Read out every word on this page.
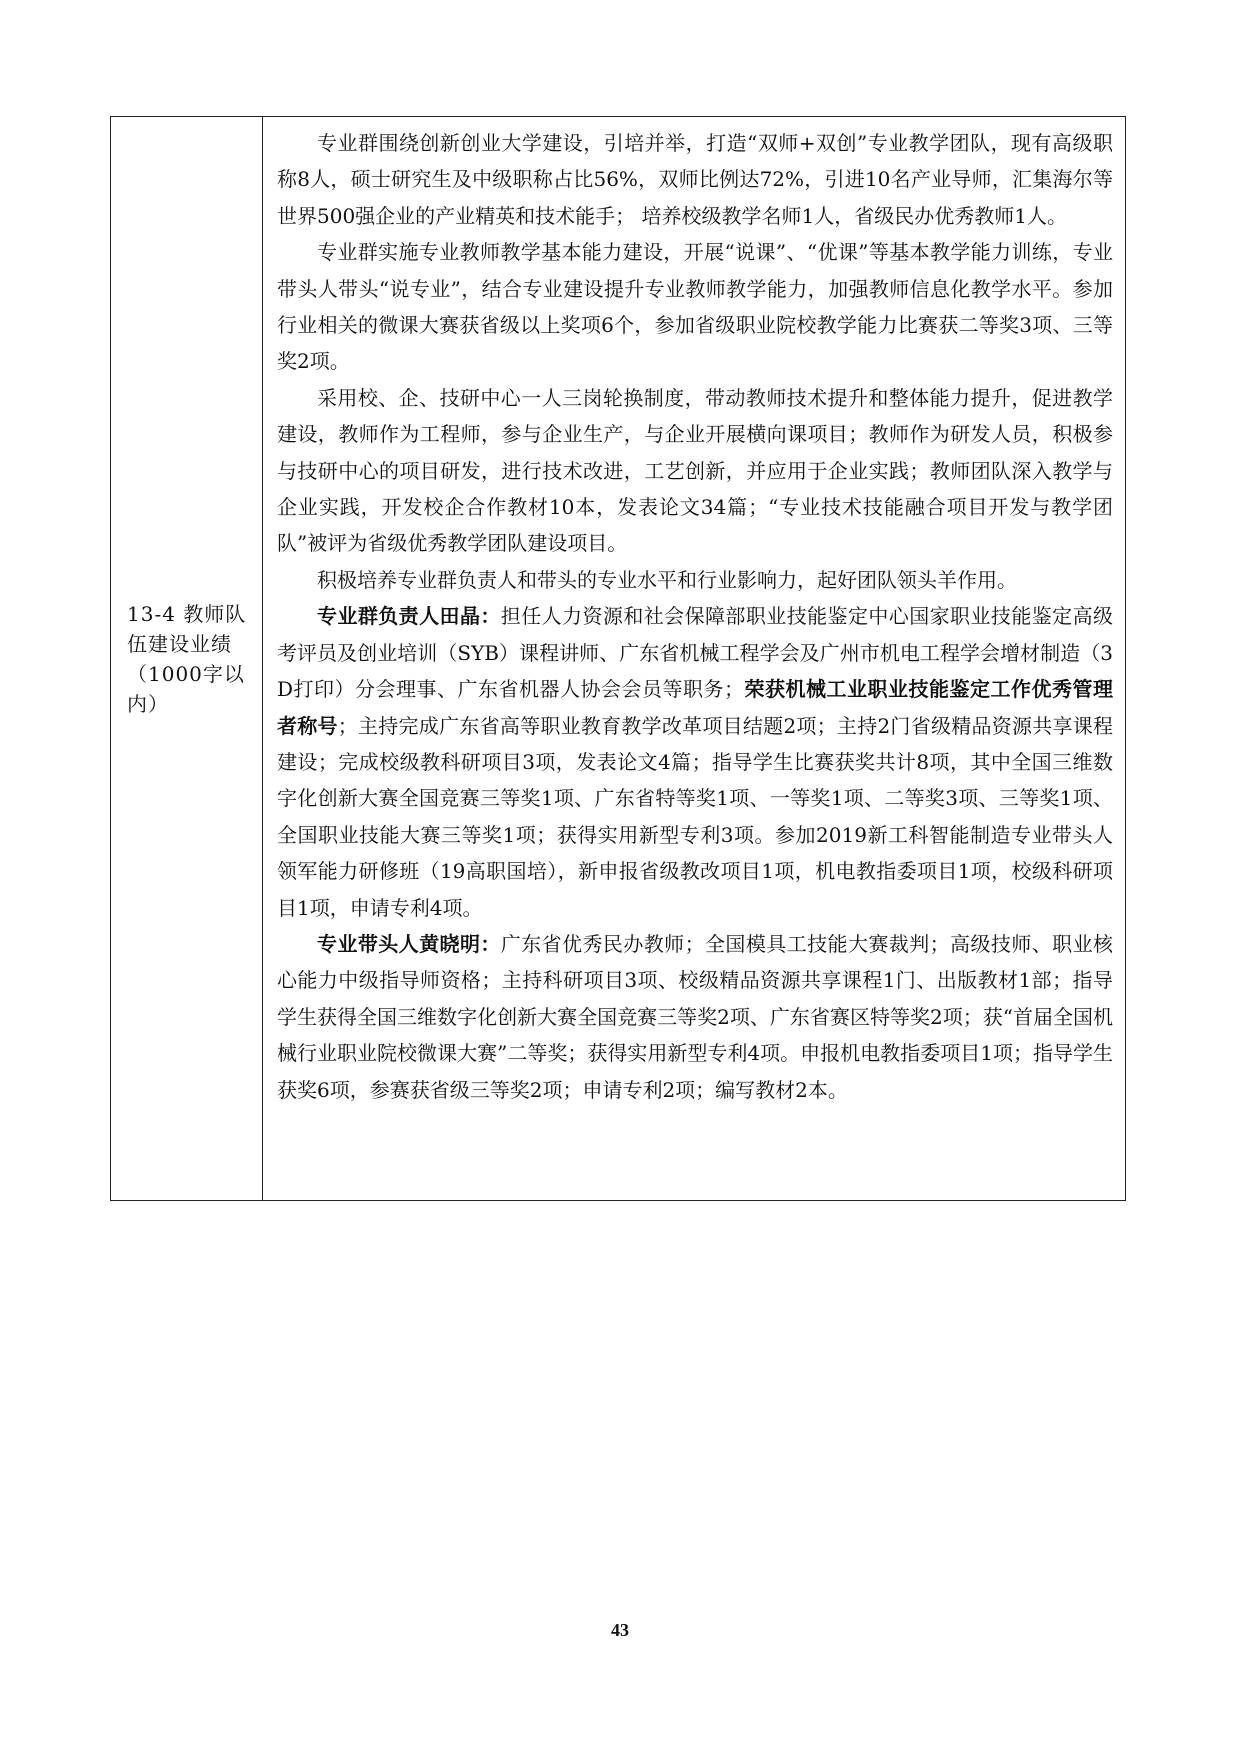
13-4 教师队伍建设业绩（1000字以内）

专业群围绕创新创业大学建设，引培并举，打造“双师+双创”专业教学团队，现有高级职称8人，硕士研究生及中级职称占比56%，双师比例达72%，引进10名产业导师，汇集海尔等世界500强企业的产业精英和技术能手； 培养校级教学名师1人，省级民办优秀教师1人。

专业群实施专业教师教学基本能力建设，开展“说课”、“优课”等基本教学能力训练，专业带头人带头“说专业”，结合专业建设提升专业教师教学能力，加强教师信息化教学水平。参加行业相关的微课大赛获省级以上奖项6个，参加省级职业院校教学能力比赛获二等奖3项、三等奖2项。

采用校、企、技研中心一人三岗轮换制度，带动教师技术提升和整体能力提升，促进教学建设，教师作为工程师，参与企业生产，与企业开展横向课项目；教师作为研发人员，积极参与技研中心的项目研发，进行技术改进，工艺创新，并应用于企业实践；教师团队深入教学与企业实践，开发校企合作教材10本，发表论文34篇；“专业技术技能融合项目开发与教学团队”被评为省级优秀教学团队建设项目。

积极培养专业群负责人和带头的专业水平和行业影响力，起好团队领头羊作用。

专业群负责人田晶：担任人力资源和社会保障部职业技能鉴定中心国家职业技能鉴定高级考评员及创业培训（SYB）课程讲师、广东省机械工程学会及广州市机电工程学会增材制造（3D打印）分会理事、广东省机器人协会会员等职务；荣获机械工业职业技能鉴定工作优秀管理者称号；主持完成广东省高等职业教育教学改革项目结题2项；主持2门省级精品资源共享课程建设；完成校级教科研项目3项，发表论文4篇；指导学生比赛获奖共计8项，其中全国三维数字化创新大赛全国竞赛三等奖1项、广东省特等奖1项、一等奖1项、二等奖3项、三等奖1项、全国职业技能大赛三等奖1项；获得实用新型专利3项。参加2019新工科智能制造专业带头人领军能力研修班（19高职国培），新申报省级教改项目1项，机电教指委项目1项，校级科研项目1项，申请专利4项。

专业带头人黄晓明：广东省优秀民办教师；全国模具工技能大赛裁判；高级技师、职业核心能力中级指导师资格；主持科研项目3项、校级精品资源共享课程1门、出版教材1部；指导学生获得全国三维数字化创新大赛全国竞赛三等奖2项、广东省赛区特等奖2项；获“首届全国机械行业职业院校微课大赛”二等奖；获得实用新型专利4项。申报机电教指委项目1项；指导学生获奖6项，参赛获省级三等奖2项；申请专利2项；编写教材2本。

43
